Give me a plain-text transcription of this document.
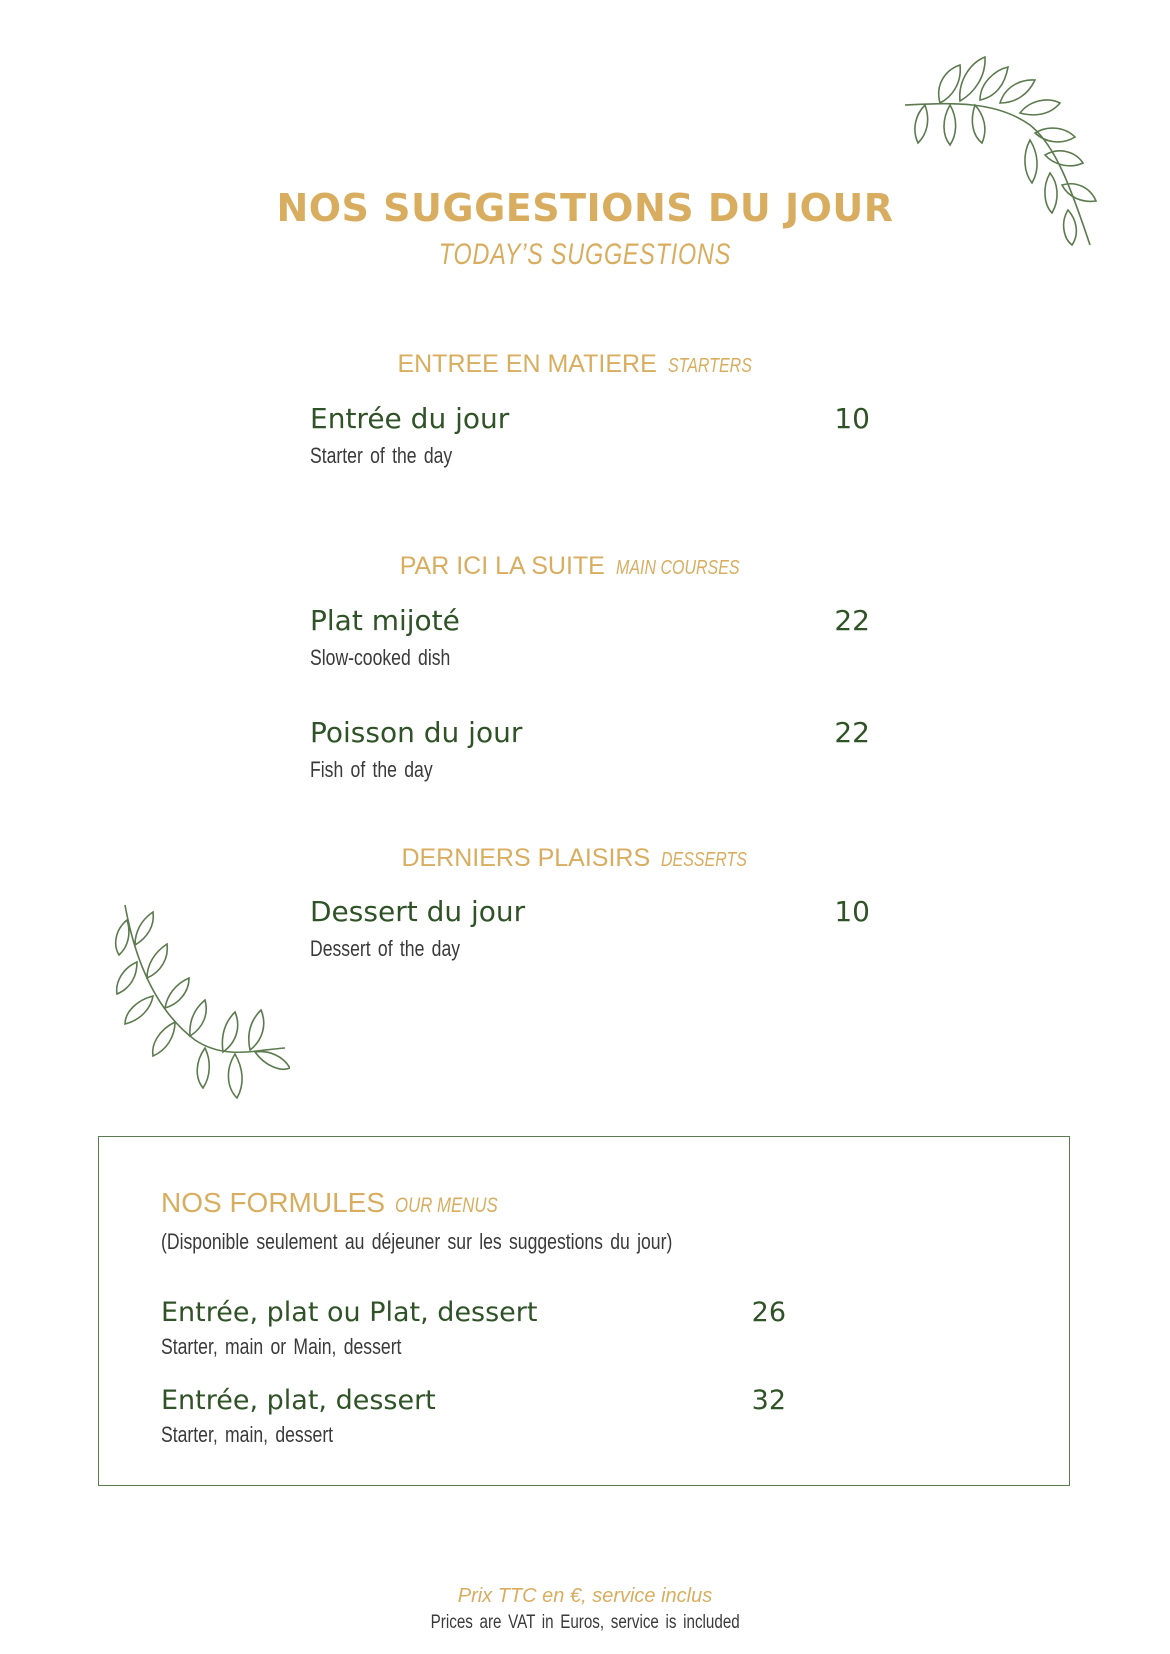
NOS SUGGESTIONS DU JOUR
TODAY’S SUGGESTIONS
ENTREE EN MATIERE STARTERS
Entrée du jour	10
Starter of the day
PAR ICI LA SUITE MAIN COURSES
Plat mijoté	22
Slow-cooked dish
Poisson du jour	22
Fish of the day
DERNIERS PLAISIRS DESSERTS
Dessert du jour	10
Dessert of the day
NOS FORMULES OUR MENUS
(Disponible seulement au déjeuner sur les suggestions du jour)
Entrée, plat ou Plat, dessert	26
Starter, main or Main, dessert
Entrée, plat, dessert	32
Starter, main, dessert
Prix TTC en €, service inclus
Prices are VAT in Euros, service is included
